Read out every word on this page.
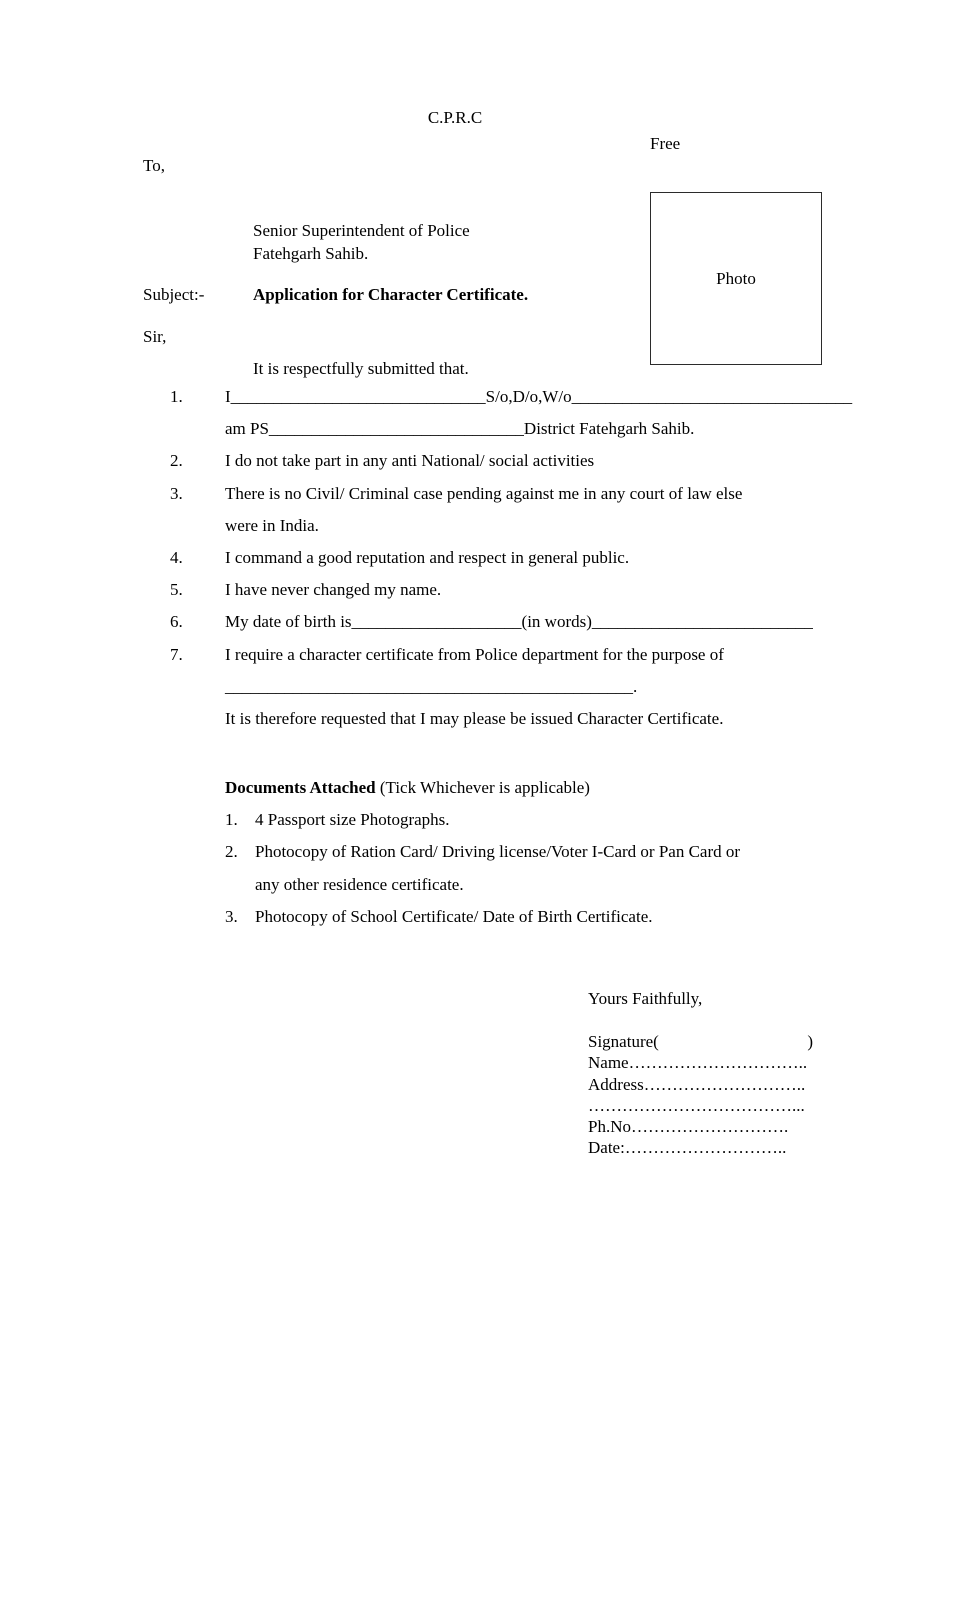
C.P.R.C
Free
To,
Senior Superintendent of Police
Fatehgarh Sahib.
Photo
Subject:-	Application for Character Certificate.
Sir,
It is respectfully submitted that.
1.	I______________________________S/o,D/o,W/o_________________________________
am PS______________________________District Fatehgarh Sahib.
2.	I do not take part in any anti National/ social activities
3.	There is no Civil/ Criminal case pending against me in any court of law else
were in India.
4.	I command a good reputation and respect in general public.
5.	I have never changed my name.
6.	My date of birth is____________________(in words)__________________________
7.	I require a character certificate from Police department for the purpose of
________________________________________________.
It is therefore requested that I may please be issued Character Certificate.
Documents Attached (Tick Whichever is applicable)
1.	4 Passport size Photographs.
2.	Photocopy of Ration Card/ Driving license/Voter I-Card or Pan Card or
any other residence certificate.
3.	Photocopy of School Certificate/ Date of Birth Certificate.
Yours Faithfully,
Signature(	)
Name…………………………..
Address………………………..
………………………………...
Ph.No……………………….
Date:………………………..
